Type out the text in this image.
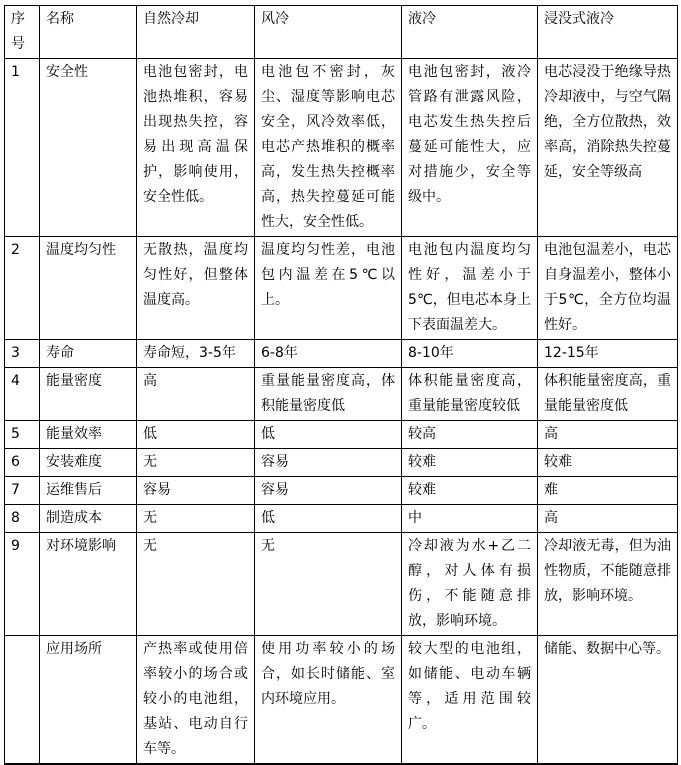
序号	名称	自然冷却	风冷	液冷	浸没式液冷
1	安全性	电池包密封，电池热堆积，容易出现热失控，容易出现高温保护，影响使用，安全性低。	电池包不密封，灰尘、湿度等影响电芯安全，风冷效率低，电芯产热堆积的概率高，发生热失控概率高，热失控蔓延可能性大，安全性低。	电池包密封，液冷管路有泄露风险，电芯发生热失控后蔓延可能性大，应对措施少，安全等级中。	电芯浸没于绝缘导热冷却液中，与空气隔绝，全方位散热，效率高，消除热失控蔓延，安全等级高
2	温度均匀性	无散热，温度均匀性好，但整体温度高。	温度均匀性差，电池包内温差在5℃以上。	电池包内温度均匀性好，温差小于5℃，但电芯本身上下表面温差大。	电池包温差小，电芯自身温差小，整体小于5℃，全方位均温性好。
3	寿命	寿命短，3-5年	6-8年	8-10年	12-15年
4	能量密度	高	重量能量密度高，体积能量密度低	体积能量密度高，重量能量密度较低	体积能量密度高，重量能量密度低
5	能量效率	低	低	较高	高
6	安装难度	无	容易	较难	较难
7	运维售后	容易	容易	较难	难
8	制造成本	无	低	中	高
9	对环境影响	无	无	冷却液为水+乙二醇，对人体有损伤，不能随意排放，影响环境。	冷却液无毒，但为油性物质，不能随意排放，影响环境。
	应用场所	产热率或使用倍率较小的场合或较小的电池组，基站、电动自行车等。	使用功率较小的场合，如长时储能、室内环境应用。	较大型的电池组，如储能、电动车辆等，适用范围较广。	储能、数据中心等。
